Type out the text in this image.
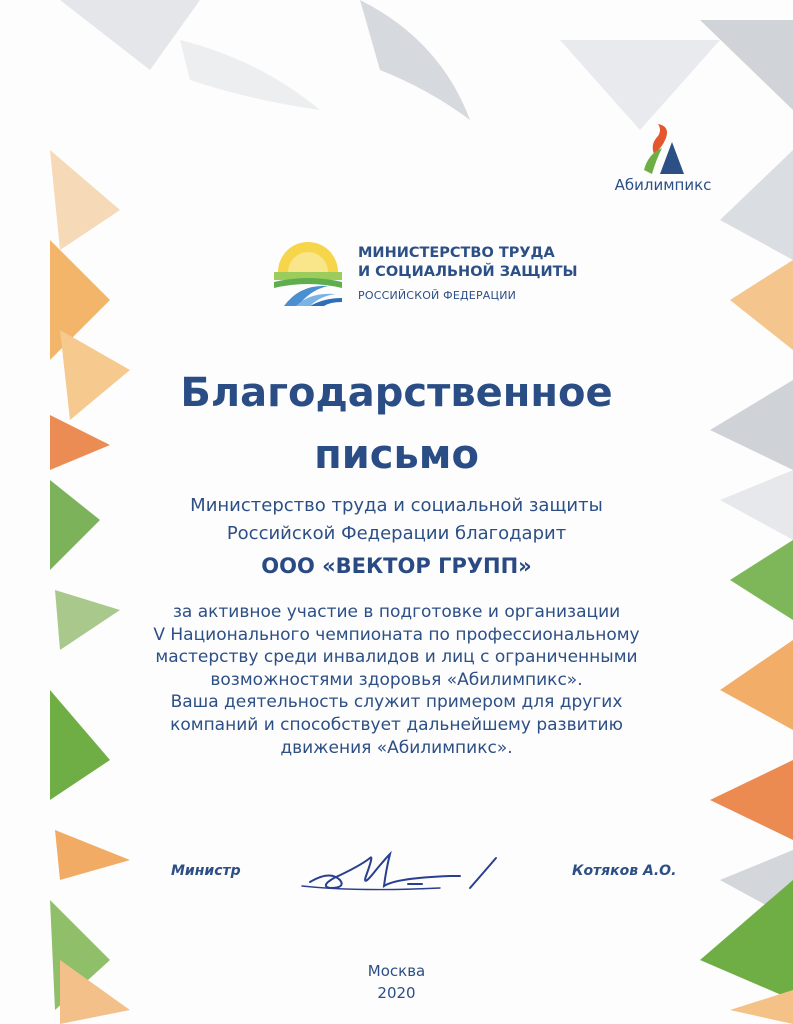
Абилимпикс
МИНИСТЕРСТВО ТРУДА
И СОЦИАЛЬНОЙ ЗАЩИТЫ
РОССИЙСКОЙ ФЕДЕРАЦИИ
Благодарственное
письмо
Министерство труда и социальной защиты
Российской Федерации благодарит
ООО «ВЕКТОР ГРУПП»
за активное участие в подготовке и организации
V Национального чемпионата по профессиональному
мастерству среди инвалидов и лиц с ограниченными
возможностями здоровья «Абилимпикс».
Ваша деятельность служит примером для других
компаний и способствует дальнейшему развитию
движения «Абилимпикс».
Министр	Котяков А.О.
Москва
2020
